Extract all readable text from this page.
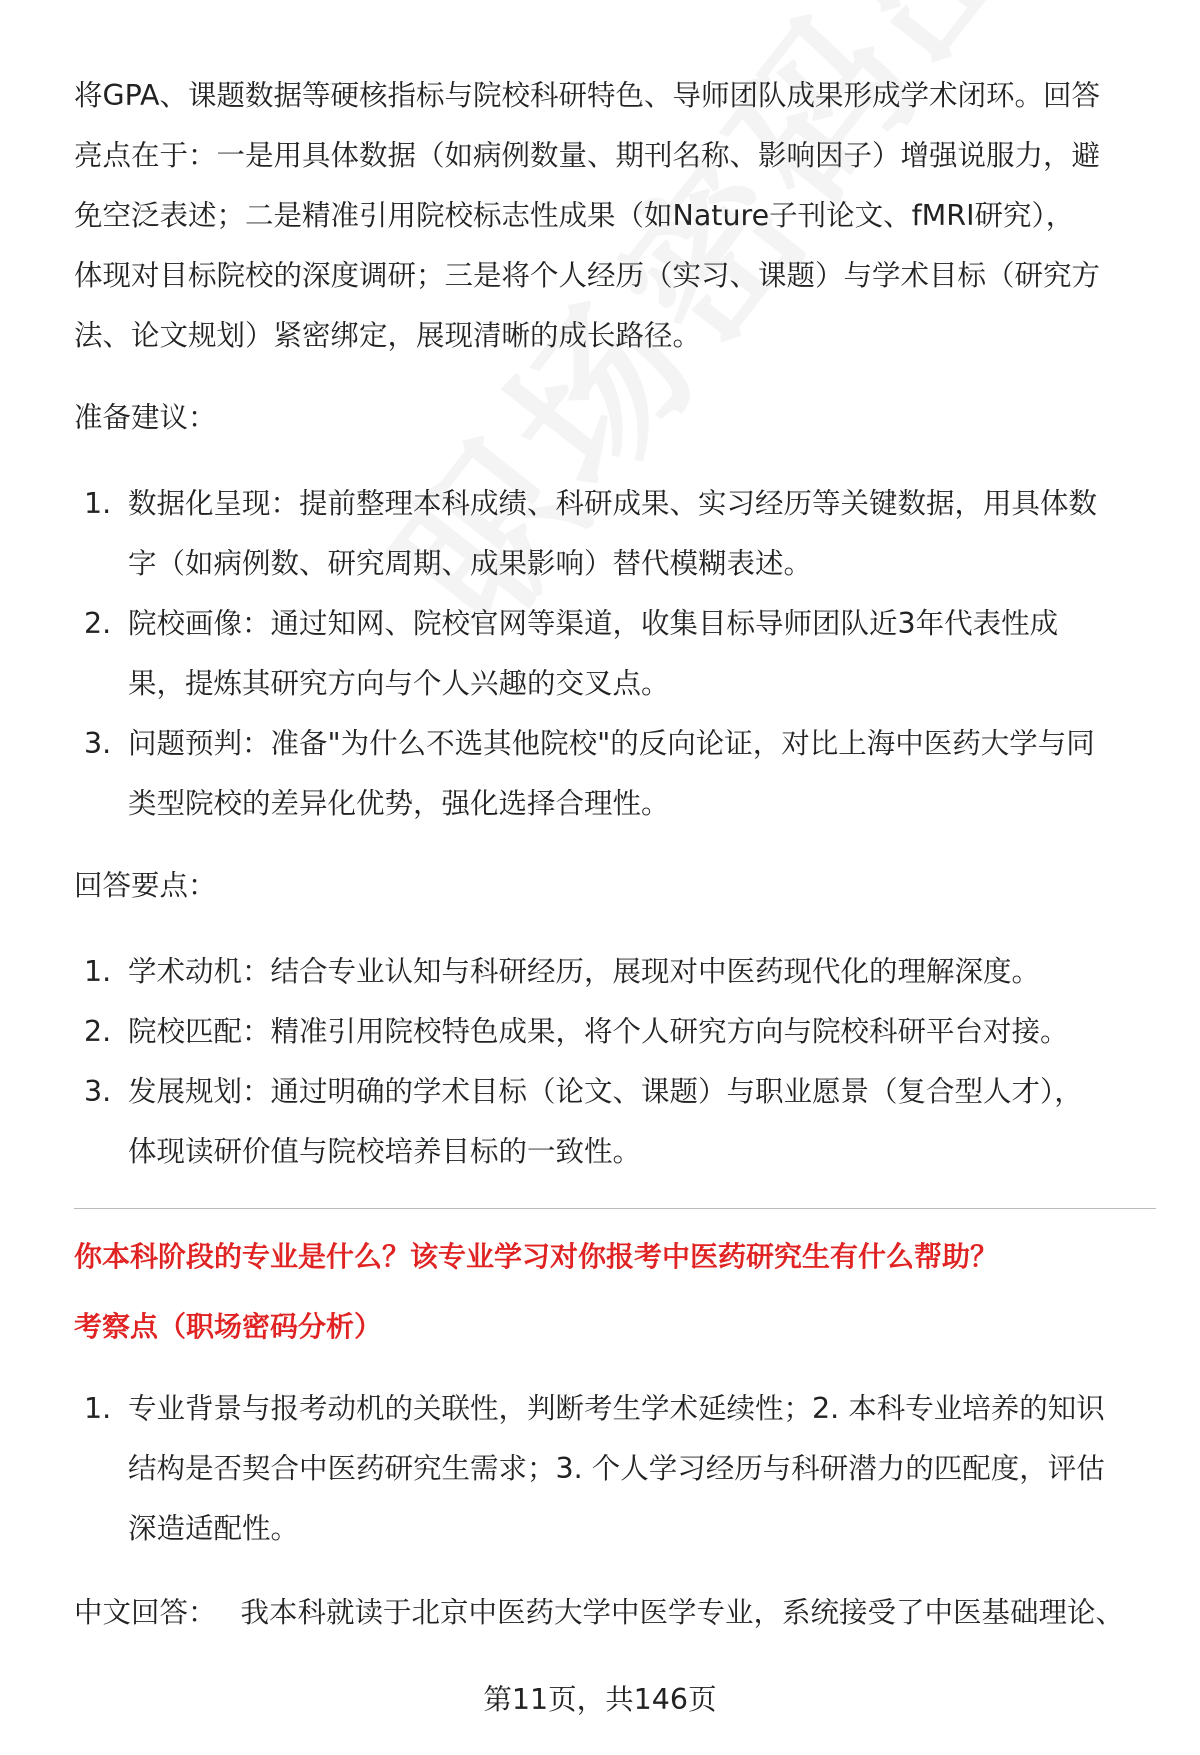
将GPA、课题数据等硬核指标与院校科研特色、导师团队成果形成学术闭环。回答

亮点在于：一是用具体数据（如病例数量、期刊名称、影响因子）增强说服力，避

免空泛表述；二是精准引用院校标志性成果（如Nature子刊论文、fMRI研究），

体现对目标院校的深度调研；三是将个人经历（实习、课题）与学术目标（研究方

法、论文规划）紧密绑定，展现清晰的成长路径。

准备建议：

1. 数据化呈现：提前整理本科成绩、科研成果、实习经历等关键数据，用具体数
字（如病例数、研究周期、成果影响）替代模糊表述。
2. 院校画像：通过知网、院校官网等渠道，收集目标导师团队近3年代表性成
果，提炼其研究方向与个人兴趣的交叉点。
3. 问题预判：准备"为什么不选其他院校"的反向论证，对比上海中医药大学与同
类型院校的差异化优势，强化选择合理性。

回答要点：

1. 学术动机：结合专业认知与科研经历，展现对中医药现代化的理解深度。
2. 院校匹配：精准引用院校特色成果，将个人研究方向与院校科研平台对接。
3. 发展规划：通过明确的学术目标（论文、课题）与职业愿景（复合型人才），
体现读研价值与院校培养目标的一致性。

你本科阶段的专业是什么？该专业学习对你报考中医药研究生有什么帮助？

考察点（职场密码分析）

1. 专业背景与报考动机的关联性，判断考生学术延续性；2. 本科专业培养的知识
结构是否契合中医药研究生需求；3. 个人学习经历与科研潜力的匹配度，评估
深造适配性。
中文回答： 我本科就读于北京中医药大学中医学专业，系统接受了中医基础理论、
第11页，共146页
